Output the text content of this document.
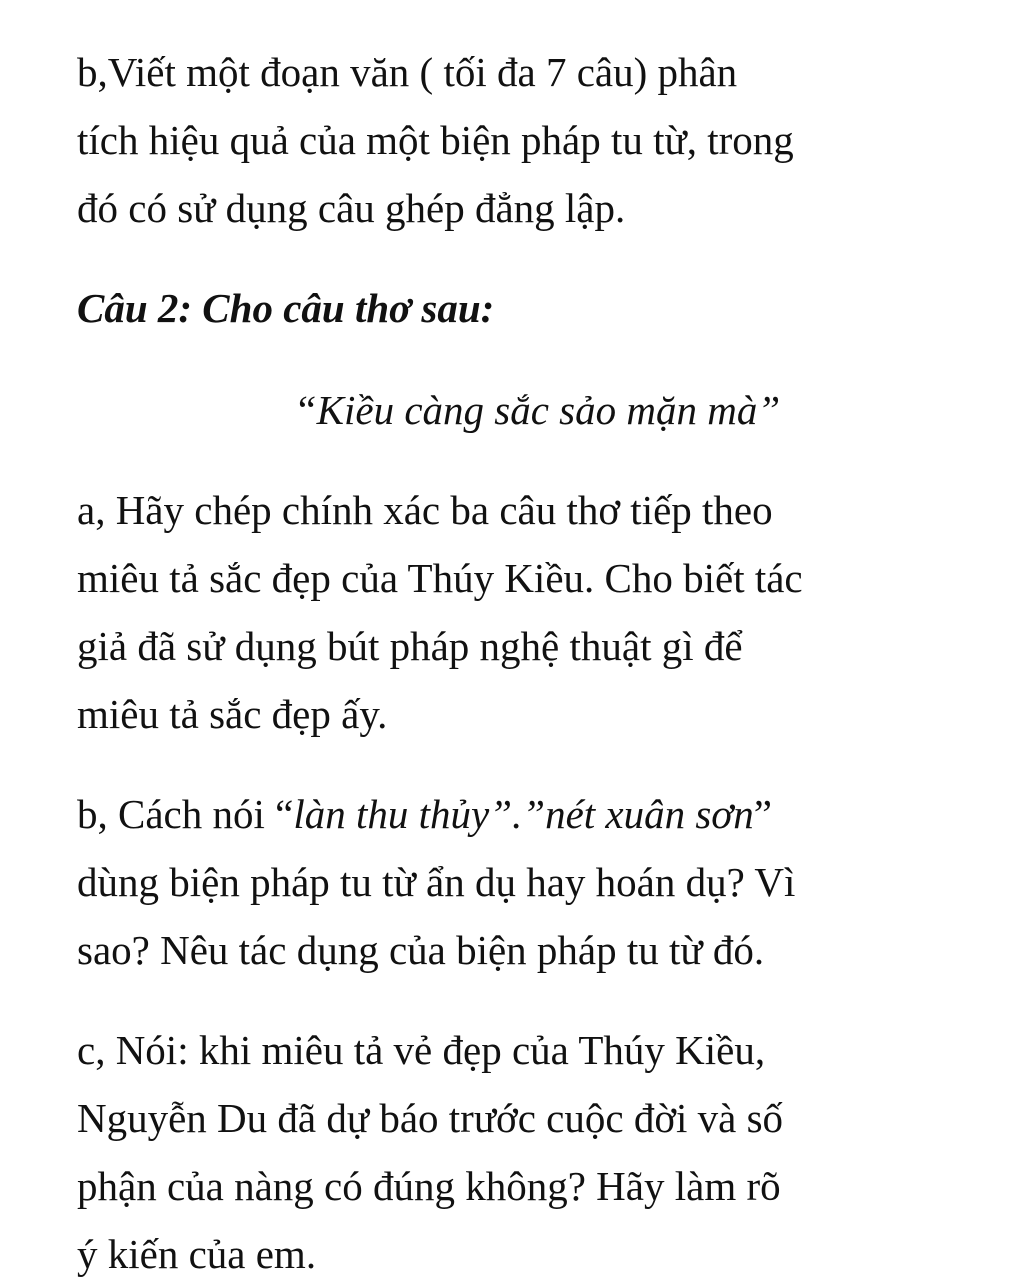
b,Viết một đoạn văn ( tối đa 7 câu) phân
tích hiệu quả của một biện pháp tu từ, trong
đó có sử dụng câu ghép đẳng lập.
Câu 2: Cho câu thơ sau:
“Kiều càng sắc sảo mặn mà”
a, Hãy chép chính xác ba câu thơ tiếp theo
miêu tả sắc đẹp của Thúy Kiều. Cho biết tác
giả đã sử dụng bút pháp nghệ thuật gì để
miêu tả sắc đẹp ấy.
b, Cách nói “làn thu thủy”.”nét xuân sơn”
dùng biện pháp tu từ ẩn dụ hay hoán dụ? Vì
sao? Nêu tác dụng của biện pháp tu từ đó.
c, Nói: khi miêu tả vẻ đẹp của Thúy Kiều,
Nguyễn Du đã dự báo trước cuộc đời và số
phận của nàng có đúng không? Hãy làm rõ
ý kiến của em.
